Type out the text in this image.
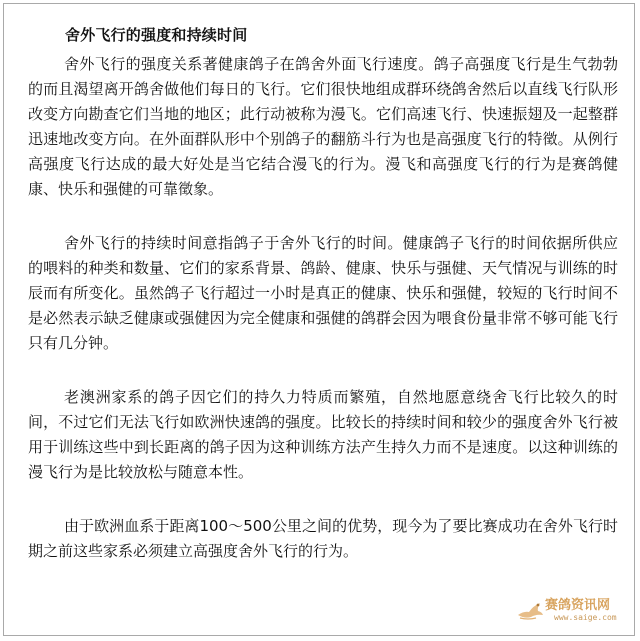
舍外飞行的强度和持续时间

舍外飞行的强度关系著健康鸽子在鸽舍外面飞行速度。鸽子高强度飞行是生气勃勃的而且渴望离开鸽舍做他们每日的飞行。它们很快地组成群环绕鸽舍然后以直线飞行队形改变方向勘查它们当地的地区；此行动被称为漫飞。它们高速飞行、快速振翅及一起整群迅速地改变方向。在外面群队形中个别鸽子的翻筋斗行为也是高强度飞行的特徵。从例行高强度飞行达成的最大好处是当它结合漫飞的行为。漫飞和高强度飞行的行为是赛鸽健康、快乐和强健的可靠徵象。

舍外飞行的持续时间意指鸽子于舍外飞行的时间。健康鸽子飞行的时间依据所供应的喂料的种类和数量、它们的家系背景、鸽龄、健康、快乐与强健、天气情况与训练的时辰而有所变化。虽然鸽子飞行超过一小时是真正的健康、快乐和强健，较短的飞行时间不是必然表示缺乏健康或强健因为完全健康和强健的鸽群会因为喂食份量非常不够可能飞行只有几分钟。

老澳洲家系的鸽子因它们的持久力特质而繁殖，自然地愿意绕舍飞行比较久的时间，不过它们无法飞行如欧洲快速鸽的强度。比较长的持续时间和较少的强度舍外飞行被用于训练这些中到长距离的鸽子因为这种训练方法产生持久力而不是速度。以这种训练的漫飞行为是比较放松与随意本性。

由于欧洲血系于距离100～500公里之间的优势，现今为了要比赛成功在舍外飞行时期之前这些家系必须建立高强度舍外飞行的行为。

赛鸽资讯网
www.saige.com
